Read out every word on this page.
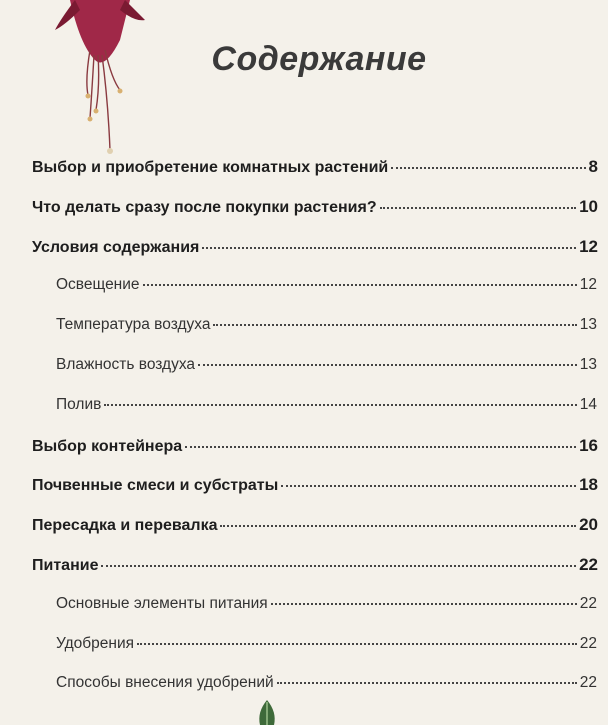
Содержание
Выбор и приобретение комнатных растений	8
Что делать сразу после покупки растения?	10
Условия содержания	12
Освещение	12
Температура воздуха	13
Влажность воздуха	13
Полив	14
Выбор контейнера	16
Почвенные смеси и субстраты	18
Пересадка и перевалка	20
Питание	22
Основные элементы питания	22
Удобрения	22
Способы внесения удобрений	22
